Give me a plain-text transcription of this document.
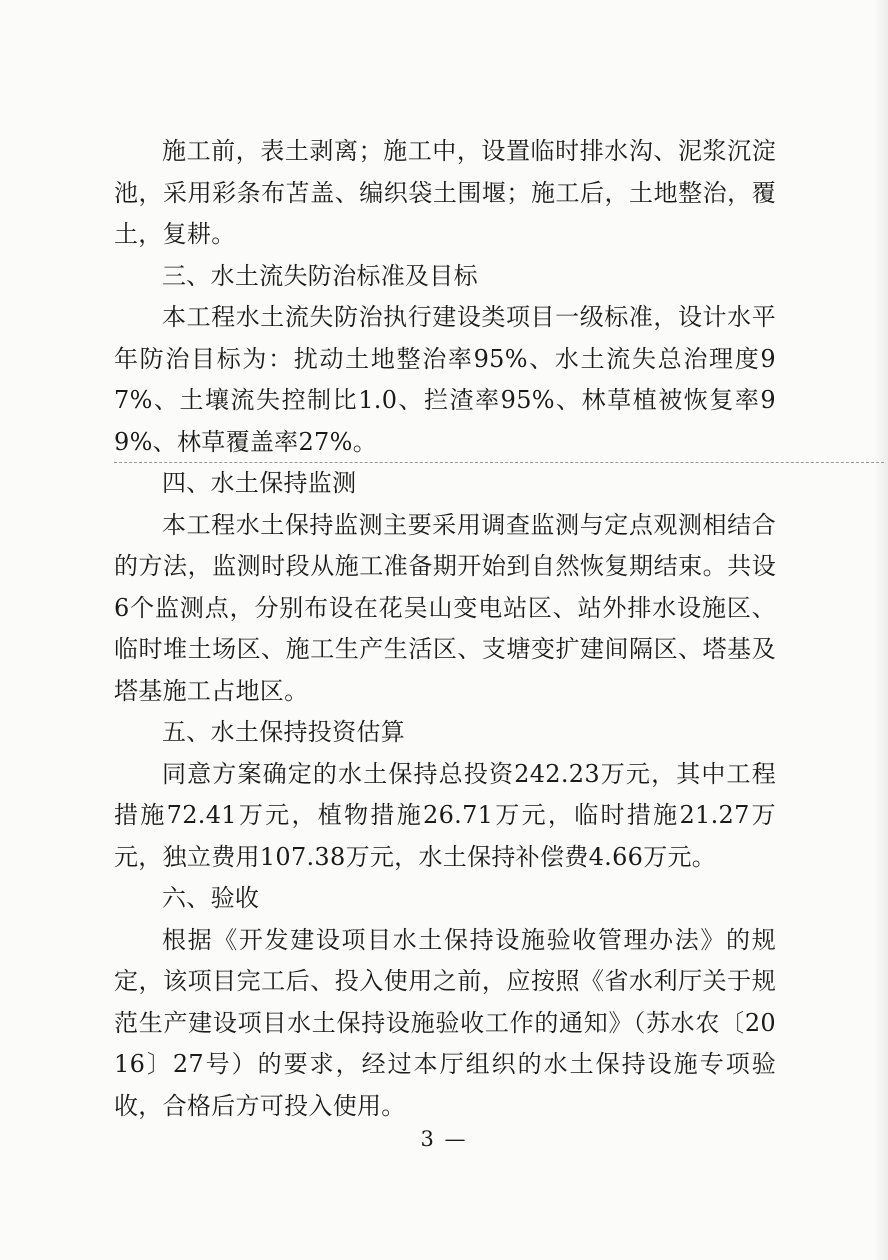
施工前，表土剥离；施工中，设置临时排水沟、泥浆沉淀池，采用彩条布苫盖、编织袋土围堰；施工后，土地整治，覆土，复耕。

三、水土流失防治标准及目标

本工程水土流失防治执行建设类项目一级标准，设计水平年防治目标为：扰动土地整治率95%、水土流失总治理度97%、土壤流失控制比1.0、拦渣率95%、林草植被恢复率99%、林草覆盖率27%。

四、水土保持监测

本工程水土保持监测主要采用调查监测与定点观测相结合的方法，监测时段从施工准备期开始到自然恢复期结束。共设6个监测点，分别布设在花吴山变电站区、站外排水设施区、临时堆土场区、施工生产生活区、支塘变扩建间隔区、塔基及塔基施工占地区。

五、水土保持投资估算

同意方案确定的水土保持总投资242.23万元，其中工程措施72.41万元，植物措施26.71万元，临时措施21.27万元，独立费用107.38万元，水土保持补偿费4.66万元。

六、验收

根据《开发建设项目水土保持设施验收管理办法》的规定，该项目完工后、投入使用之前，应按照《省水利厅关于规范生产建设项目水土保持设施验收工作的通知》（苏水农〔2016〕27号）的要求，经过本厅组织的水土保持设施专项验收，合格后方可投入使用。

3 —
